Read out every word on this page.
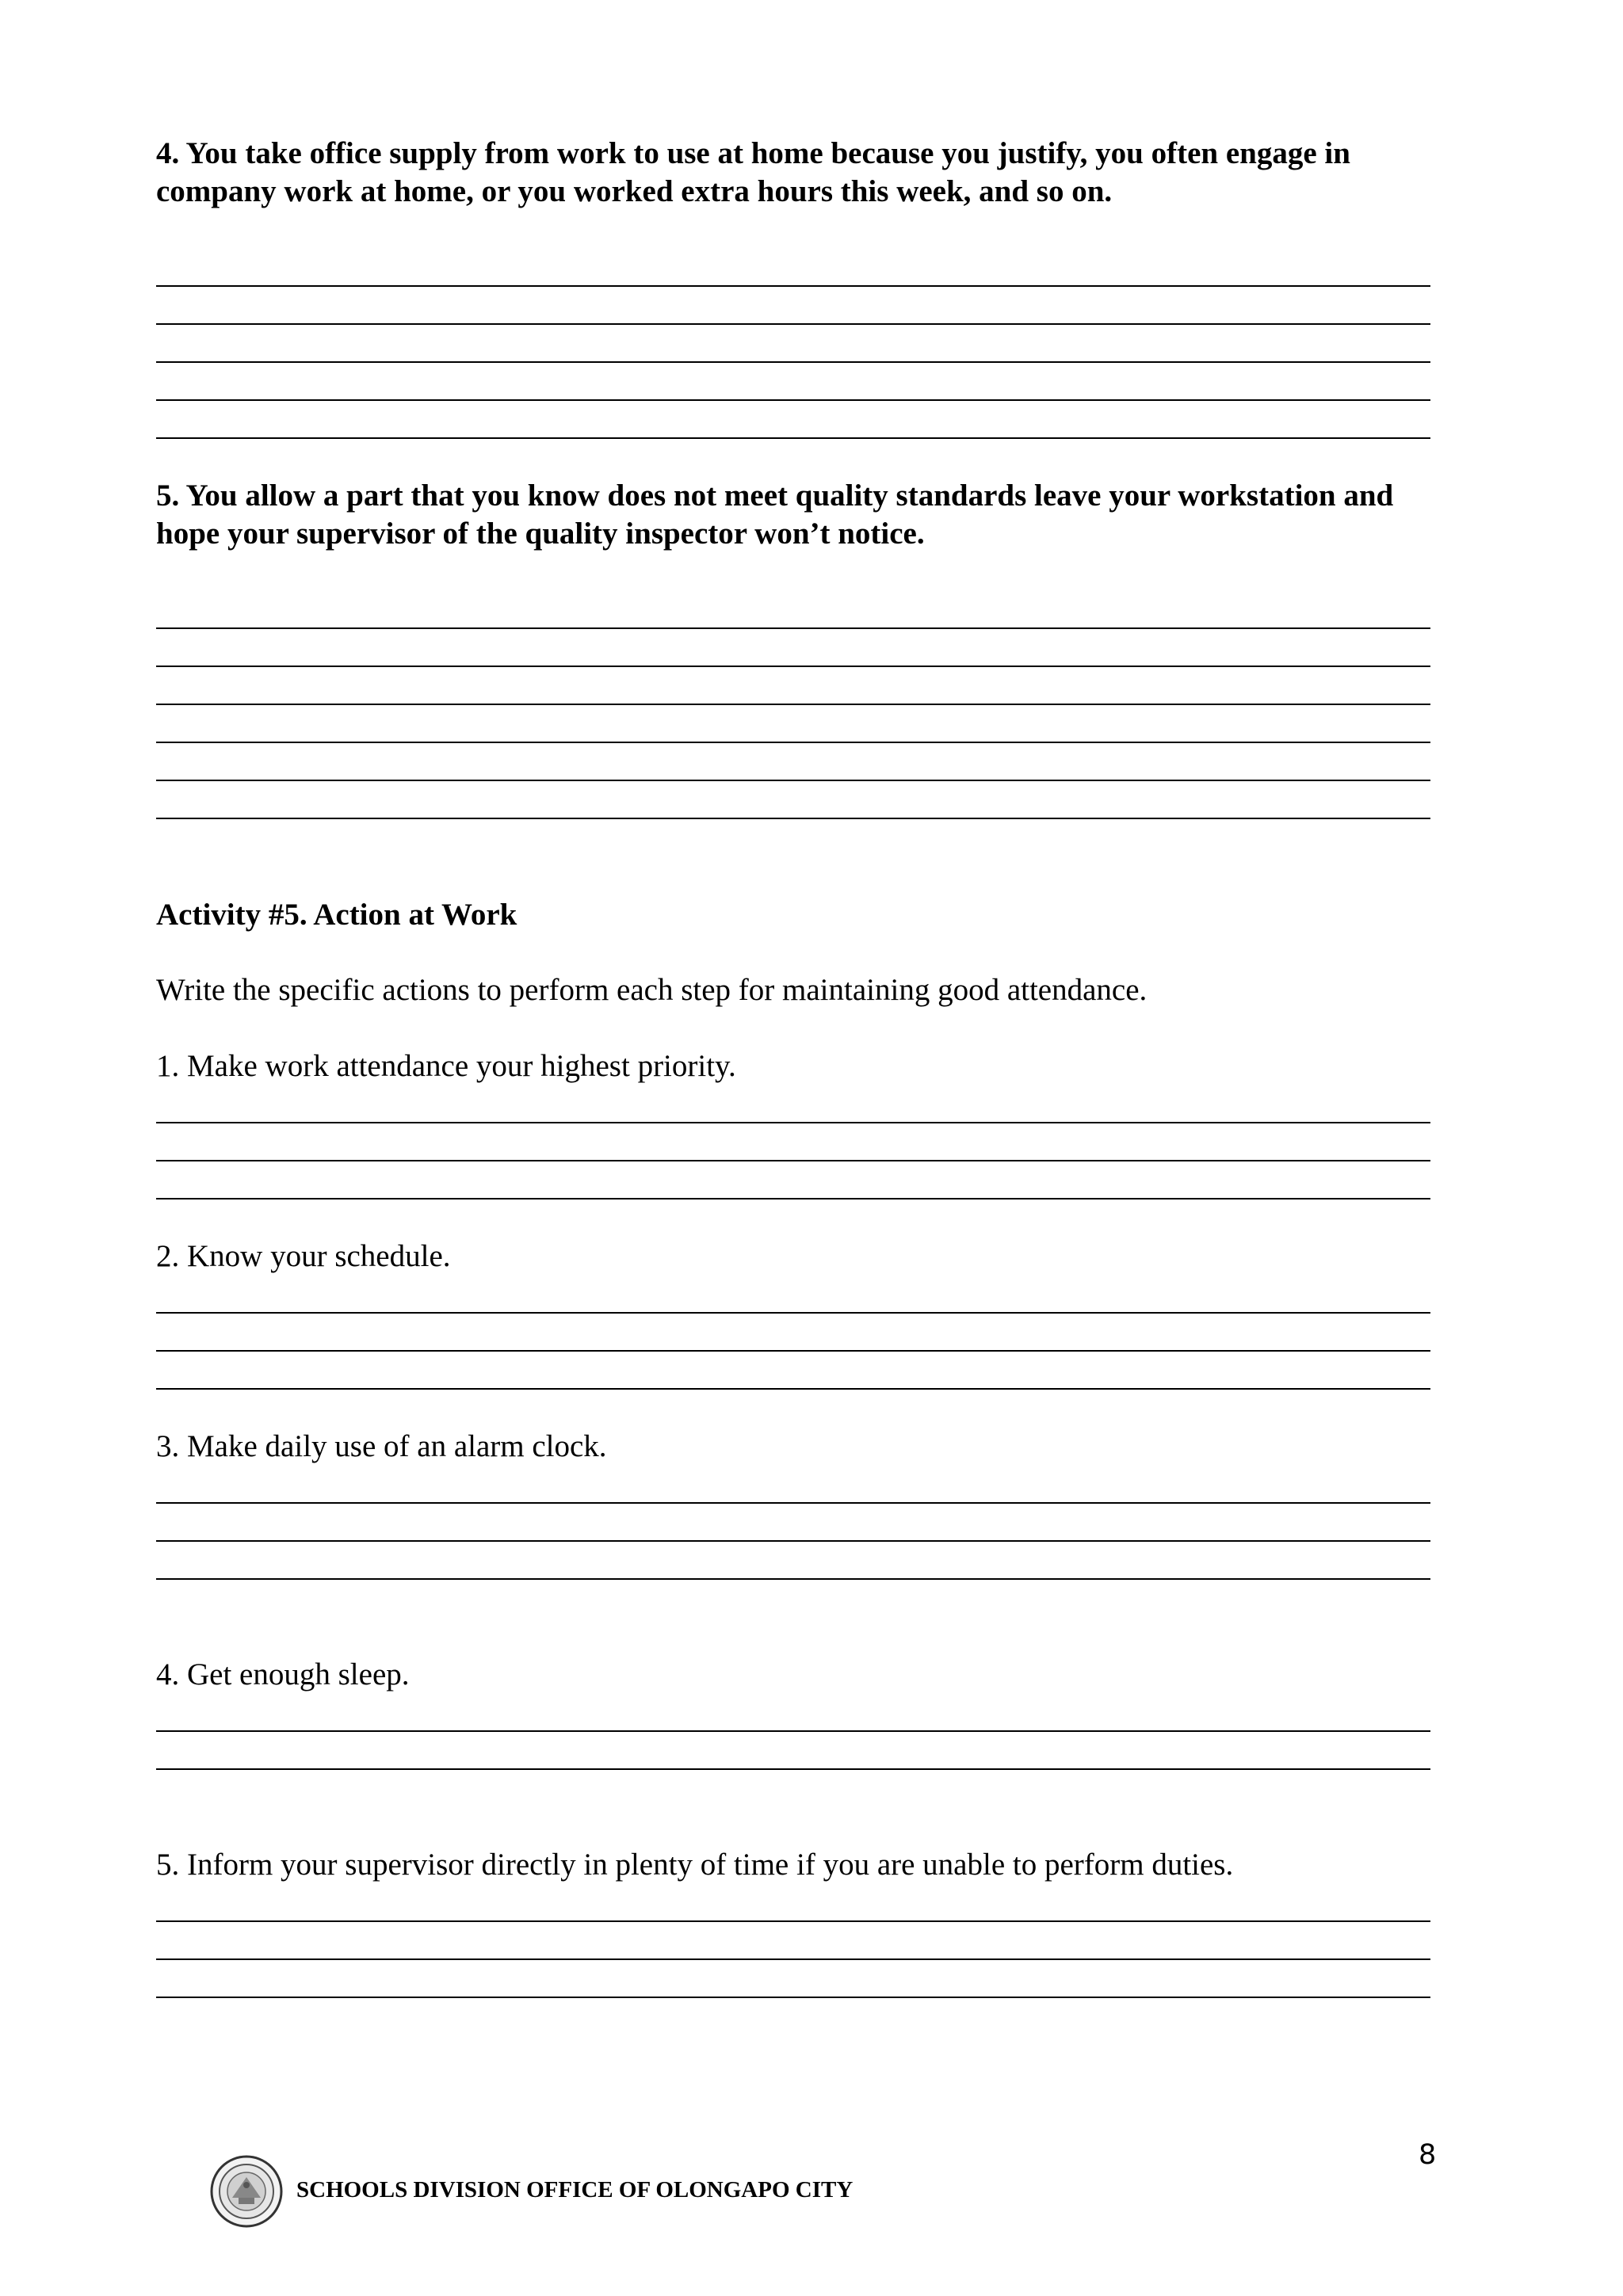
4. You take office supply from work to use at home because you justify, you often engage in company work at home, or you worked extra hours this week, and so on.

5. You allow a part that you know does not meet quality standards leave your workstation and hope your supervisor of the quality inspector won’t notice.

Activity #5. Action at Work

Write the specific actions to perform each step for maintaining good attendance.

1. Make work attendance your highest priority.

2. Know your schedule.

3. Make daily use of an alarm clock.

4. Get enough sleep.

5. Inform your supervisor directly in plenty of time if you are unable to perform duties.

8
SCHOOLS DIVISION OFFICE OF OLONGAPO CITY
